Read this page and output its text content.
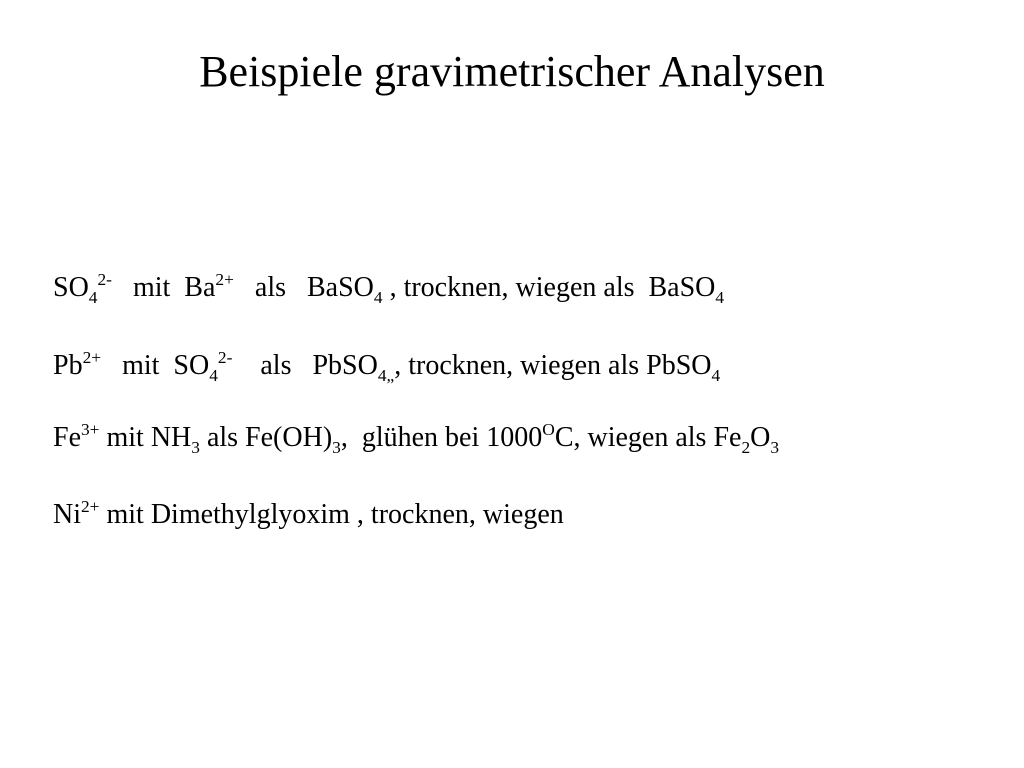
Beispiele gravimetrischer Analysen
$SO_4^{2-}$   mit  $Ba^{2+}$   als   BaSO$_4$ , trocknen, wiegen als  BaSO$_4$
$Pb^{2+}$   mit  $SO_4^{2-}$    als   PbSO$_{4„}$, trocknen, wiegen als PbSO$_4$
$Fe^{3+}$ mit $NH_3$ als $Fe(OH)_3$,  glühen bei $1000^OC$, wiegen als $Fe_2O_3$
$Ni^{2+}$ mit Dimethylglyoxim , trocknen, wiegen
